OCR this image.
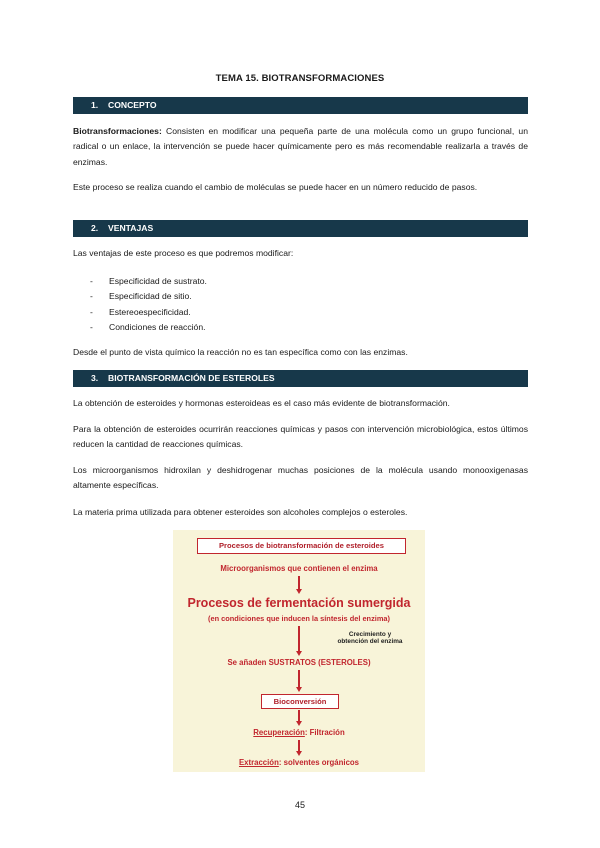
TEMA 15. BIOTRANSFORMACIONES
1. CONCEPTO

Biotransformaciones: Consisten en modificar una pequeña parte de una molécula como un grupo funcional, un radical o un enlace, la intervención se puede hacer químicamente pero es más recomendable realizarla a través de enzimas.

Este proceso se realiza cuando el cambio de moléculas se puede hacer en un número reducido de pasos.

2. VENTAJAS

Las ventajas de este proceso es que podremos modificar:

- Especificidad de sustrato.
- Especificidad de sitio.
- Estereoespecificidad.
- Condiciones de reacción.

Desde el punto de vista químico la reacción no es tan específica como con las enzimas.

3. BIOTRANSFORMACIÓN DE ESTEROLES

La obtención de esteroides y hormonas esteroideas es el caso más evidente de biotransformación.

Para la obtención de esteroides ocurrirán reacciones químicas y pasos con intervención microbiológica, estos últimos reducen la cantidad de reacciones químicas.

Los microorganismos hidroxilan y deshidrogenar muchas posiciones de la molécula usando monooxigenasas altamente específicas.

La materia prima utilizada para obtener esteroides son alcoholes complejos o esteroles.

Procesos de biotransformación de esteroides
Microorganismos que contienen el enzima
Procesos de fermentación sumergida
(en condiciones que inducen la síntesis del enzima)
Crecimiento y
obtención del enzima
Se añaden SUSTRATOS (ESTEROLES)
Bioconversión
Recuperación: Filtración
Extracción: solventes orgánicos
45
